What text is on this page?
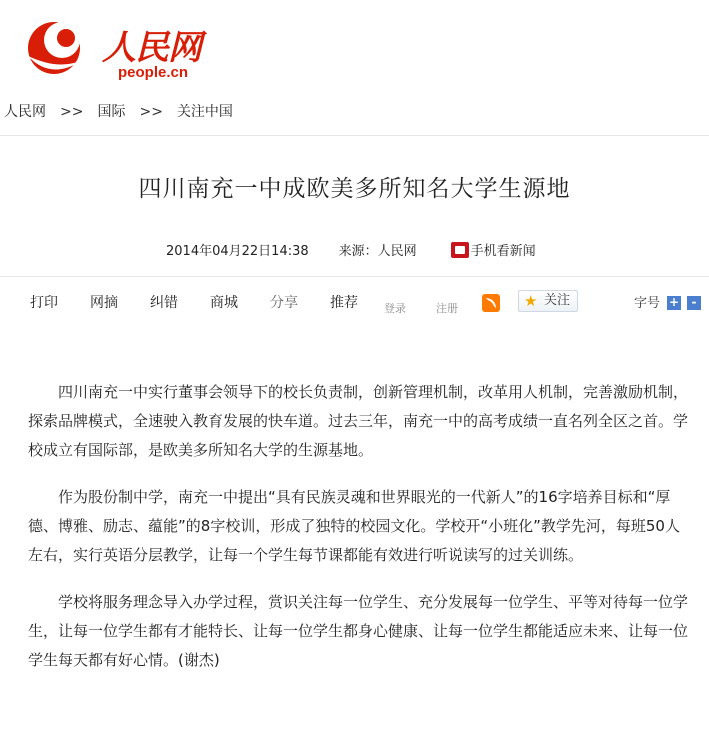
人民网
people.cn
人民网 >> 国际 >> 关注中国
四川南充一中成欧美多所知名大学生源地
2014年04月22日14:38 来源： 人民网	手机看新闻
打印 网摘 纠错 商城 分享 推荐 登录	注册	★ 关注	字号 +	-

四川南充一中实行董事会领导下的校长负责制，创新管理机制，改革用人机制，完善激励机制，探索品牌模式，全速驶入教育发展的快车道。过去三年，南充一中的高考成绩一直名列全区之首。学校成立有国际部，是欧美多所知名大学的生源基地。

作为股份制中学，南充一中提出“具有民族灵魂和世界眼光的一代新人”的16字培养目标和“厚德、博雅、励志、蕴能”的8字校训，形成了独特的校园文化。学校开“小班化”教学先河，每班50人左右，实行英语分层教学，让每一个学生每节课都能有效进行听说读写的过关训练。

学校将服务理念导入办学过程，赏识关注每一位学生、充分发展每一位学生、平等对待每一位学生，让每一位学生都有才能特长、让每一位学生都身心健康、让每一位学生都能适应未来、让每一位学生每天都有好心情。(谢杰)
